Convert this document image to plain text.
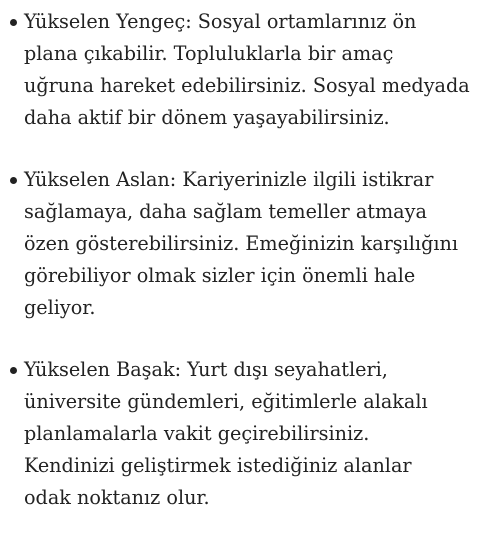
Yükselen Yengeç: Sosyal ortamlarınız ön
plana çıkabilir. Topluluklarla bir amaç
uğruna hareket edebilirsiniz. Sosyal medyada
daha aktif bir dönem yaşayabilirsiniz.
Yükselen Aslan: Kariyerinizle ilgili istikrar
sağlamaya, daha sağlam temeller atmaya
özen gösterebilirsiniz. Emeğinizin karşılığını
görebiliyor olmak sizler için önemli hale
geliyor.
Yükselen Başak: Yurt dışı seyahatleri,
üniversite gündemleri, eğitimlerle alakalı
planlamalarla vakit geçirebilirsiniz.
Kendinizi geliştirmek istediğiniz alanlar
odak noktanız olur.
